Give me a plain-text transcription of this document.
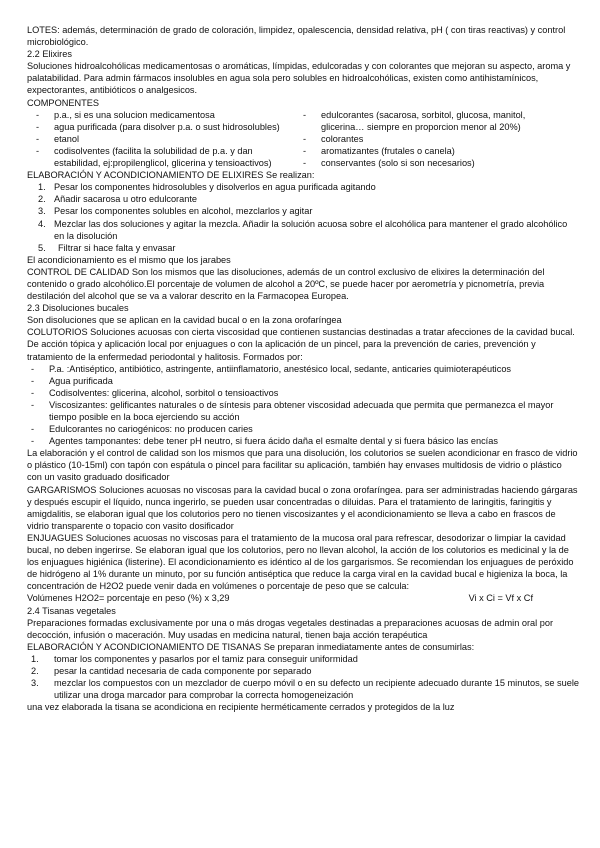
LOTES: además, determinación de grado de coloración, limpidez, opalescencia, densidad relativa, pH ( con tiras reactivas) y control microbiológico.

2.2 Elixires

Soluciones hidroalcohólicas medicamentosas o aromáticas, límpidas, edulcoradas y con colorantes que mejoran su aspecto, aroma y palatabilidad. Para admin fármacos insolubles en agua sola pero solubles en hidroalcohólicas, existen como antihistamínicos, expectorantes, antibióticos o analgesicos.

COMPONENTES

- p.a., si es una solucion medicamentosa
- agua purificada (para disolver p.a. o sust hidrosolubles)
- etanol
- codisolventes (facilita la solubilidad de p.a. y dan estabilidad, ej:propilenglicol, glicerina y tensioactivos)
- edulcorantes (sacarosa, sorbitol, glucosa, manitol, glicerina… siempre en proporcion menor al 20%)
- colorantes
- aromatizantes (frutales o canela)
- conservantes (solo si son necesarios)

ELABORACIÓN Y ACONDICIONAMIENTO DE ELIXIRES Se realizan:

1. Pesar los componentes hidrosolubles y disolverlos en agua purificada agitando
2. Añadir sacarosa u otro edulcorante
3. Pesar los componentes solubles en alcohol, mezclarlos y agitar
4. Mezclar las dos soluciones y agitar la mezcla. Añadir la solución acuosa sobre el alcohólica para mantener el grado alcohólico en la disolución
5. Filtrar si hace falta y envasar

El acondicionamiento es el mismo que los jarabes

CONTROL DE CALIDAD Son los mismos que las disoluciones, además de un control exclusivo de elixires la determinación del contenido o grado alcohólico.El porcentaje de volumen de alcohol a 20ºC, se puede hacer por aerometría y picnometría, previa destilación del alcohol que se va a valorar descrito en la Farmacopea Europea.

2.3 Disoluciones bucales

Son disoluciones que se aplican en la cavidad bucal o en la zona orofaríngea

COLUTORIOS Soluciones acuosas con cierta viscosidad que contienen sustancias destinadas a tratar afecciones de la cavidad bucal. De acción tópica y aplicación local por enjuagues o con la aplicación de un pincel, para la prevención de caries, prevención y tratamiento de la enfermedad periodontal y halitosis. Formados por:

- P.a. :Antiséptico, antibiótico, astringente, antiinflamatorio, anestésico local, sedante, anticaries quimioterapéuticos
- Agua purificada
- Codisolventes: glicerina, alcohol, sorbitol o tensioactivos
- Viscosizantes: gelificantes naturales o de síntesis para obtener viscosidad adecuada que permita que permanezca el mayor tiempo posible en la boca ejerciendo su acción
- Edulcorantes no cariogénicos: no producen caries
- Agentes tamponantes: debe tener pH neutro, si fuera ácido daña el esmalte dental y si fuera básico las encías

La elaboración y el control de calidad son los mismos que para una disolución, los colutorios se suelen acondicionar en frasco de vidrio o plástico (10-15ml) con tapón con espátula o pincel para facilitar su aplicación, también hay envases multidosis de vidrio o plástico con un vasito graduado dosificador

GARGARISMOS Soluciones acuosas no viscosas para la cavidad bucal o zona orofaríngea. para ser administradas haciendo gárgaras y después escupir el líquido, nunca ingerirlo, se pueden usar concentradas o diluidas. Para el tratamiento de laringitis, faringitis y amigdalitis, se elaboran igual que los colutorios pero no tienen viscosizantes y el acondicionamiento se lleva a cabo en frascos de vidrio transparente o topacio con vasito dosificador

ENJUAGUES Soluciones acuosas no viscosas para el tratamiento de la mucosa oral para refrescar, desodorizar o limpiar la cavidad bucal, no deben ingerirse. Se elaboran igual que los colutorios, pero no llevan alcohol, la acción de los colutorios es medicinal y la de los enjuagues higiénica (listerine). El acondicionamiento es idéntico al de los gargarismos. Se recomiendan los enjuagues de peróxido de hidrógeno al 1% durante un minuto, por su función antiséptica que reduce la carga viral en la cavidad bucal e higieniza la boca, la concentración de H2O2 puede venir dada en volúmenes o porcentaje de peso que se calcula:

Volúmenes H2O2= porcentaje en peso (%) x 3,29	Vi x Ci = Vf x Cf

2.4 Tisanas vegetales

Preparaciones formadas exclusivamente por una o más drogas vegetales destinadas a preparaciones acuosas de admin oral por decocción, infusión o maceración. Muy usadas en medicina natural, tienen baja acción terapéutica

ELABORACIÓN Y ACONDICIONAMIENTO DE TISANAS Se preparan inmediatamente antes de consumirlas:

1. tomar los componentes y pasarlos por el tamiz para conseguir uniformidad
2. pesar la cantidad necesaria de cada componente por separado
3. mezclar los compuestos con un mezclador de cuerpo móvil o en su defecto un recipiente adecuado durante 15 minutos, se suele utilizar una droga marcador para comprobar la correcta homogeneización

una vez elaborada la tisana se acondiciona en recipiente herméticamente cerrados y protegidos de la luz
